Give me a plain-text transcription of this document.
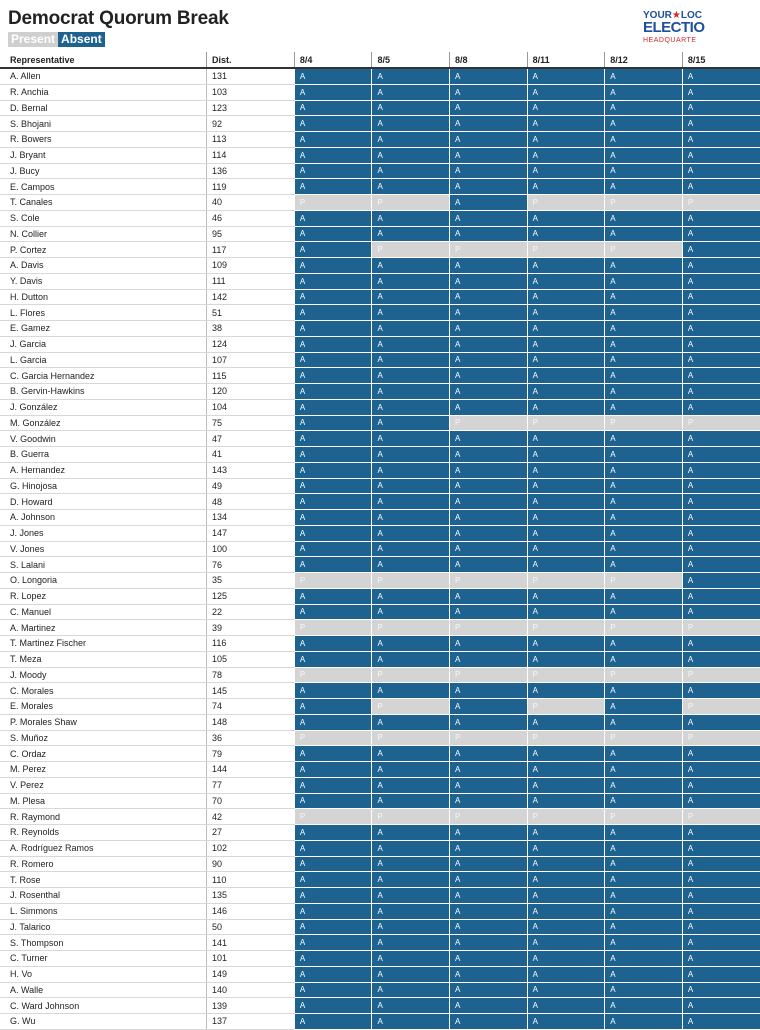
Democrat Quorum Break
Present Absent
YOUR★LOC
ELECTIO
HEADQUARTE
Representative	Dist.	8/4	8/5	8/8	8/11	8/12	8/15
A. Allen	131	A	A	A	A	A	A
R. Anchia	103	A	A	A	A	A	A
D. Bernal	123	A	A	A	A	A	A
S. Bhojani	92	A	A	A	A	A	A
R. Bowers	113	A	A	A	A	A	A
J. Bryant	114	A	A	A	A	A	A
J. Bucy	136	A	A	A	A	A	A
E. Campos	119	A	A	A	A	A	A
T. Canales	40	P	P	A	P	P	P
S. Cole	46	A	A	A	A	A	A
N. Collier	95	A	A	A	A	A	A
P. Cortez	117	A	P	P	P	P	A
A. Davis	109	A	A	A	A	A	A
Y. Davis	111	A	A	A	A	A	A
H. Dutton	142	A	A	A	A	A	A
L. Flores	51	A	A	A	A	A	A
E. Gamez	38	A	A	A	A	A	A
J. Garcia	124	A	A	A	A	A	A
L. Garcia	107	A	A	A	A	A	A
C. Garcia Hernandez	115	A	A	A	A	A	A
B. Gervin-Hawkins	120	A	A	A	A	A	A
J. González	104	A	A	A	A	A	A
M. González	75	A	A	P	P	P	P
V. Goodwin	47	A	A	A	A	A	A
B. Guerra	41	A	A	A	A	A	A
A. Hernandez	143	A	A	A	A	A	A
G. Hinojosa	49	A	A	A	A	A	A
D. Howard	48	A	A	A	A	A	A
A. Johnson	134	A	A	A	A	A	A
J. Jones	147	A	A	A	A	A	A
V. Jones	100	A	A	A	A	A	A
S. Lalani	76	A	A	A	A	A	A
O. Longoria	35	P	P	P	P	P	A
R. Lopez	125	A	A	A	A	A	A
C. Manuel	22	A	A	A	A	A	A
A. Martinez	39	P	P	P	P	P	P
T. Martinez Fischer	116	A	A	A	A	A	A
T. Meza	105	A	A	A	A	A	A
J. Moody	78	P	P	P	P	P	P
C. Morales	145	A	A	A	A	A	A
E. Morales	74	A	P	A	P	A	P
P. Morales Shaw	148	A	A	A	A	A	A
S. Muñoz	36	P	P	P	P	P	P
C. Ordaz	79	A	A	A	A	A	A
M. Perez	144	A	A	A	A	A	A
V. Perez	77	A	A	A	A	A	A
M. Plesa	70	A	A	A	A	A	A
R. Raymond	42	P	P	P	P	P	P
R. Reynolds	27	A	A	A	A	A	A
A. Rodríguez Ramos	102	A	A	A	A	A	A
R. Romero	90	A	A	A	A	A	A
T. Rose	110	A	A	A	A	A	A
J. Rosenthal	135	A	A	A	A	A	A
L. Simmons	146	A	A	A	A	A	A
J. Talarico	50	A	A	A	A	A	A
S. Thompson	141	A	A	A	A	A	A
C. Turner	101	A	A	A	A	A	A
H. Vo	149	A	A	A	A	A	A
A. Walle	140	A	A	A	A	A	A
C. Ward Johnson	139	A	A	A	A	A	A
G. Wu	137	A	A	A	A	A	A
